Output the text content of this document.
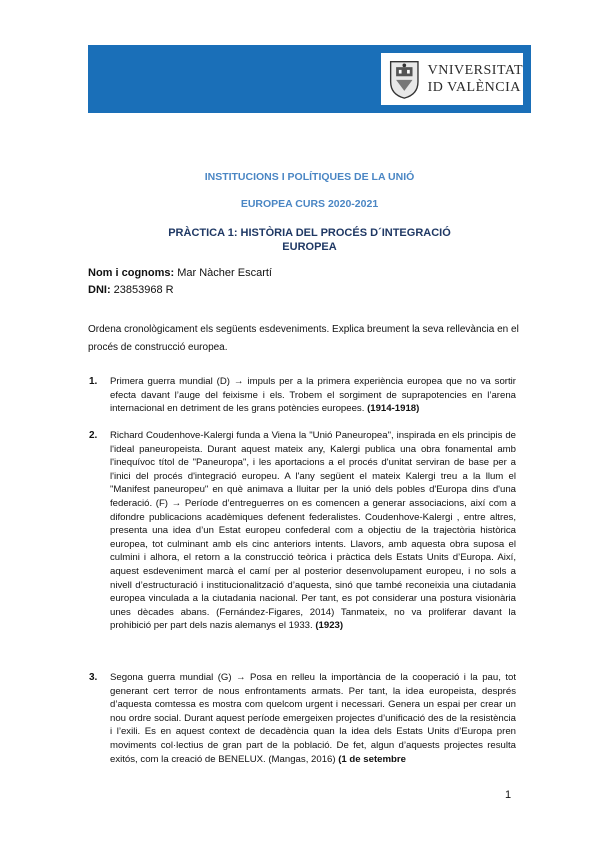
VNIVERSITAT
ID VALÈNCIA

INSTITUCIONS I POLÍTIQUES DE LA UNIÓ

EUROPEA CURS 2020-2021

PRÀCTICA 1: HISTÒRIA DEL PROCÉS D´INTEGRACIÓ

EUROPEA

Nom i cognoms: Mar Nàcher Escartí

DNI: 23853968 R

Ordena cronològicament els següents esdeveniments. Explica breument la seva rellevància en el procés de construcció europea.

1. Primera guerra mundial (D) → impuls per a la primera experiència europea que no va sortir efecta davant l’auge del feixisme i els. Trobem el sorgiment de suprapotencies en l’arena internacional en detriment de les grans potències europees. (1914-1918)

2. Richard Coudenhove-Kalergi funda a Viena la "Unió Paneuropea", inspirada en els principis de l'ideal paneuropeista. Durant aquest mateix any, Kalergi publica una obra fonamental amb l'inequívoc títol de "Paneuropa", i les aportacions a el procés d'unitat serviran de base per a l'inici del procés d'integració europeu. A l'any següent el mateix Kalergi treu a la llum el "Manifest paneuropeu" en què animava a lluitar per la unió dels pobles d'Europa dins d'una federació. (F) → Període d’entreguerres on es comencen a generar associacions, així com a difondre publicacions acadèmiques defenent federalistes. Coudenhove-Kalergi , entre altres, presenta una idea d’un Estat europeu confederal com a objectiu de la trajectòria històrica europea, tot culminant amb els cinc anteriors intents. Llavors, amb aquesta obra suposa el culmini i alhora, el retorn a la construcció teòrica i pràctica dels Estats Units d’Europa. Així, aquest esdeveniment marcà el camí per al posterior desenvolupament europeu, i no sols a nivell d’estructuració i institucionalització d’aquesta, sinó que també reconeixia una ciutadania europea vinculada a la ciutadania nacional. Per tant, es pot considerar una postura visionària unes dècades abans. (Fernández-Figares, 2014) Tanmateix, no va proliferar davant la prohibició per part dels nazis alemanys el 1933. (1923)

3. Segona guerra mundial (G) → Posa en relleu la importància de la cooperació i la pau, tot generant cert terror de nous enfrontaments armats. Per tant, la idea europeista, després d’aquesta comtessa es mostra com quelcom urgent i necessari. Genera un espai per crear un nou ordre social. Durant aquest període emergeixen projectes d’unificació des de la resistència i l’exili. Es en aquest context de decadència quan la idea dels Estats Units d’Europa pren moviments col·lectius de gran part de la població. De fet, algun d’aquests projectes resulta exitós, com la creació de BENELUX. (Mangas, 2016) (1 de setembre

1
